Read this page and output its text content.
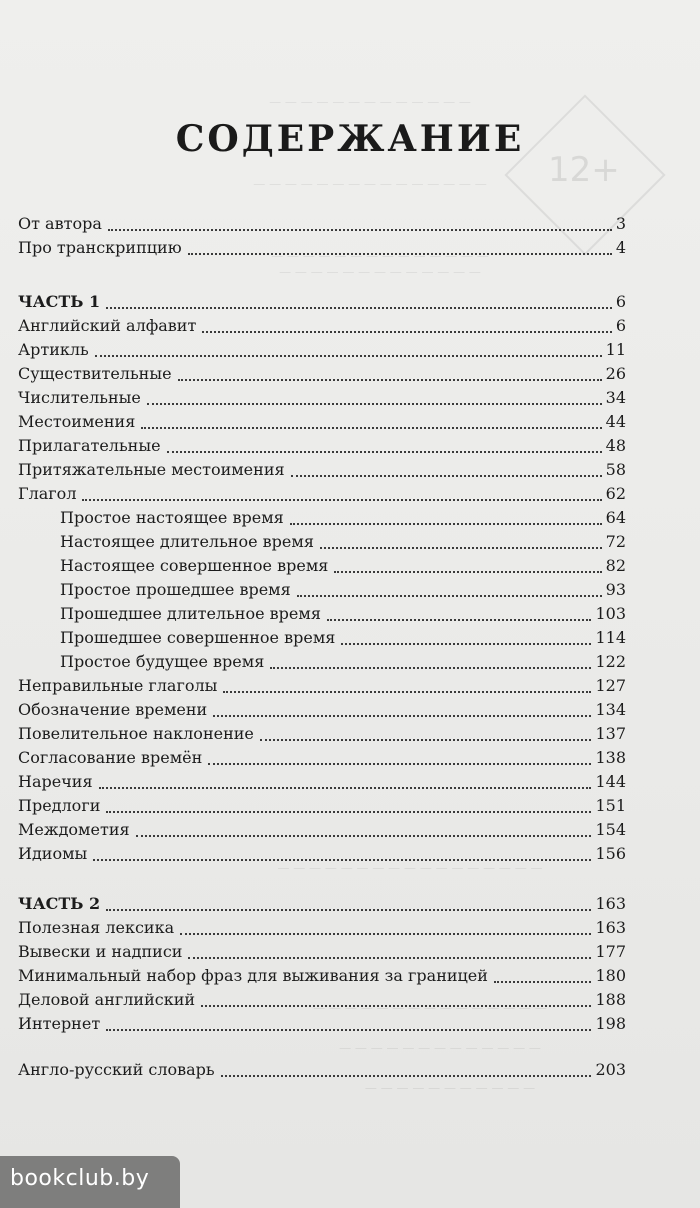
12+
— — — — — — — — — — — — —
— — — — — — — — — — — — — — —
— — — — — — — — — — — — — —
— — — — — — — — — — — — —
— — — — — — — — — — — — — — — — —
— — — — — — — — — — — — — — —
— — — — — — — — — — — — —
— — — — — — — — — — —
СОДЕРЖАНИЕ
От автора	3
Про транскрипцию	4
ЧАСТЬ 1	6
Английский алфавит	6
Артикль	11
Существительные	26
Числительные	34
Местоимения	44
Прилагательные	48
Притяжательные местоимения	58
Глагол	62
Простое настоящее время	64
Настоящее длительное время	72
Настоящее совершенное время	82
Простое прошедшее время	93
Прошедшее длительное время	103
Прошедшее совершенное время	114
Простое будущее время	122
Неправильные глаголы	127
Обозначение времени	134
Повелительное наклонение	137
Согласование времён	138
Наречия	144
Предлоги	151
Междометия	154
Идиомы	156
ЧАСТЬ 2	163
Полезная лексика	163
Вывески и надписи	177
Минимальный набор фраз для выживания за границей	180
Деловой английский	188
Интернет	198
Англо-русский словарь	203
bookclub.by
